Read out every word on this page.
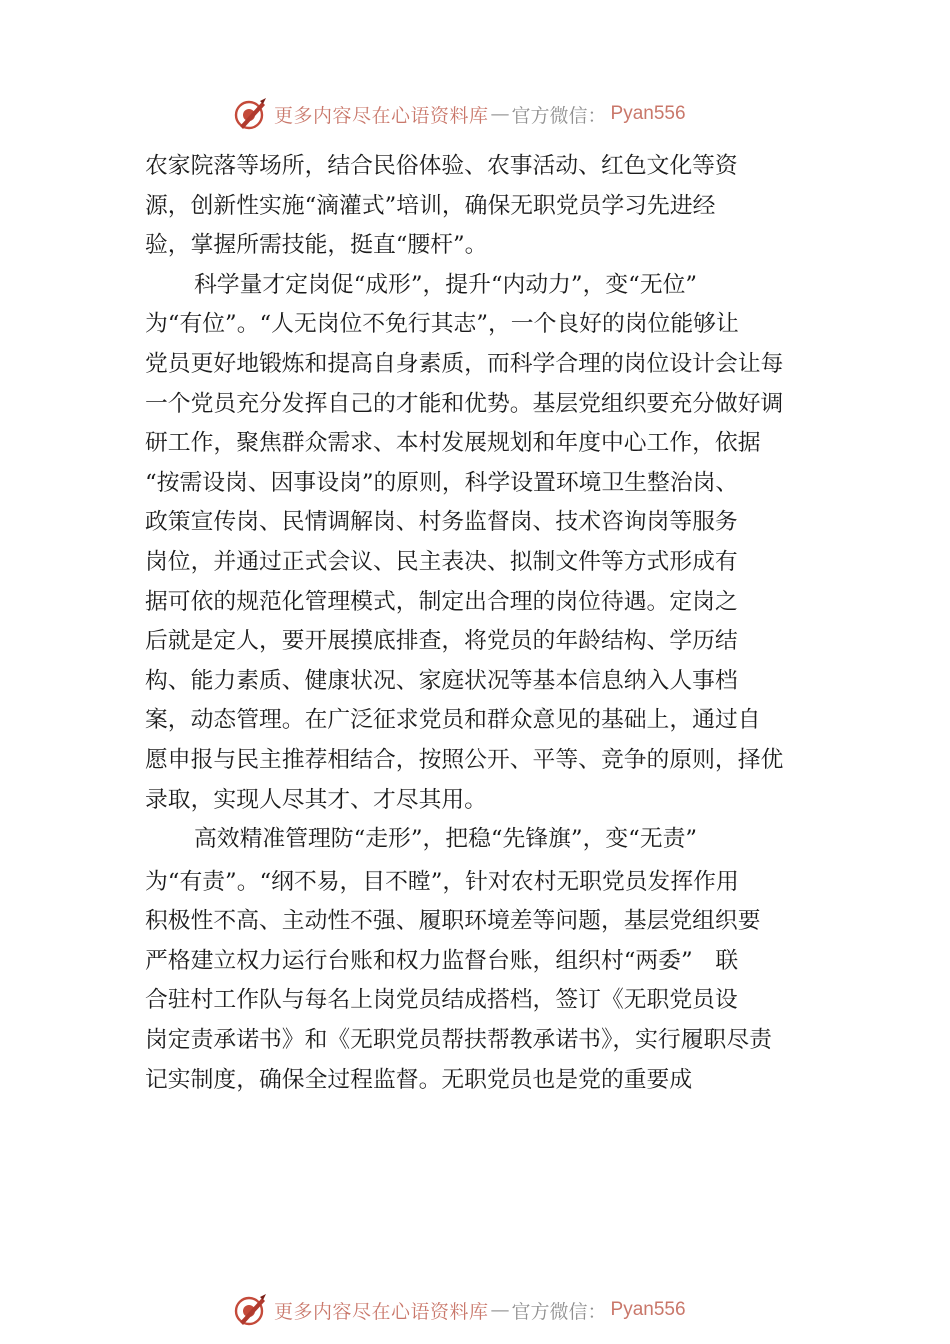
更多内容尽在心语资料库 — 官方微信： Pyan556
农家院落等场所，结合民俗体验、农事活动、红色文化等资
源，创新性实施“滴灌式”培训，确保无职党员学习先进经
验，掌握所需技能，挺直“腰杆”。
科学量才定岗促“成形”，提升“内动力”，变“无位”
为“有位”。“人无岗位不免行其志”，一个良好的岗位能够让
党员更好地锻炼和提高自身素质，而科学合理的岗位设计会让每
一个党员充分发挥自己的才能和优势。基层党组织要充分做好调
研工作，聚焦群众需求、本村发展规划和年度中心工作，依据
“按需设岗、因事设岗”的原则，科学设置环境卫生整治岗、
政策宣传岗、民情调解岗、村务监督岗、技术咨询岗等服务
岗位，并通过正式会议、民主表决、拟制文件等方式形成有
据可依的规范化管理模式，制定出合理的岗位待遇。定岗之
后就是定人，要开展摸底排查，将党员的年龄结构、学历结
构、能力素质、健康状况、家庭状况等基本信息纳入人事档
案，动态管理。在广泛征求党员和群众意见的基础上，通过自
愿申报与民主推荐相结合，按照公开、平等、竞争的原则，择优
录取，实现人尽其才、才尽其用。
高效精准管理防“走形”，把稳“先锋旗”，变“无责”
为“有责”。“纲不易，目不瞠”，针对农村无职党员发挥作用
积极性不高、主动性不强、履职环境差等问题，基层党组织要
严格建立权力运行台账和权力监督台账，组织村“两委”　联
合驻村工作队与每名上岗党员结成搭档，签订《无职党员设
岗定责承诺书》和《无职党员帮扶帮教承诺书》，实行履职尽责
记实制度，确保全过程监督。无职党员也是党的重要成
更多内容尽在心语资料库 — 官方微信： Pyan556
